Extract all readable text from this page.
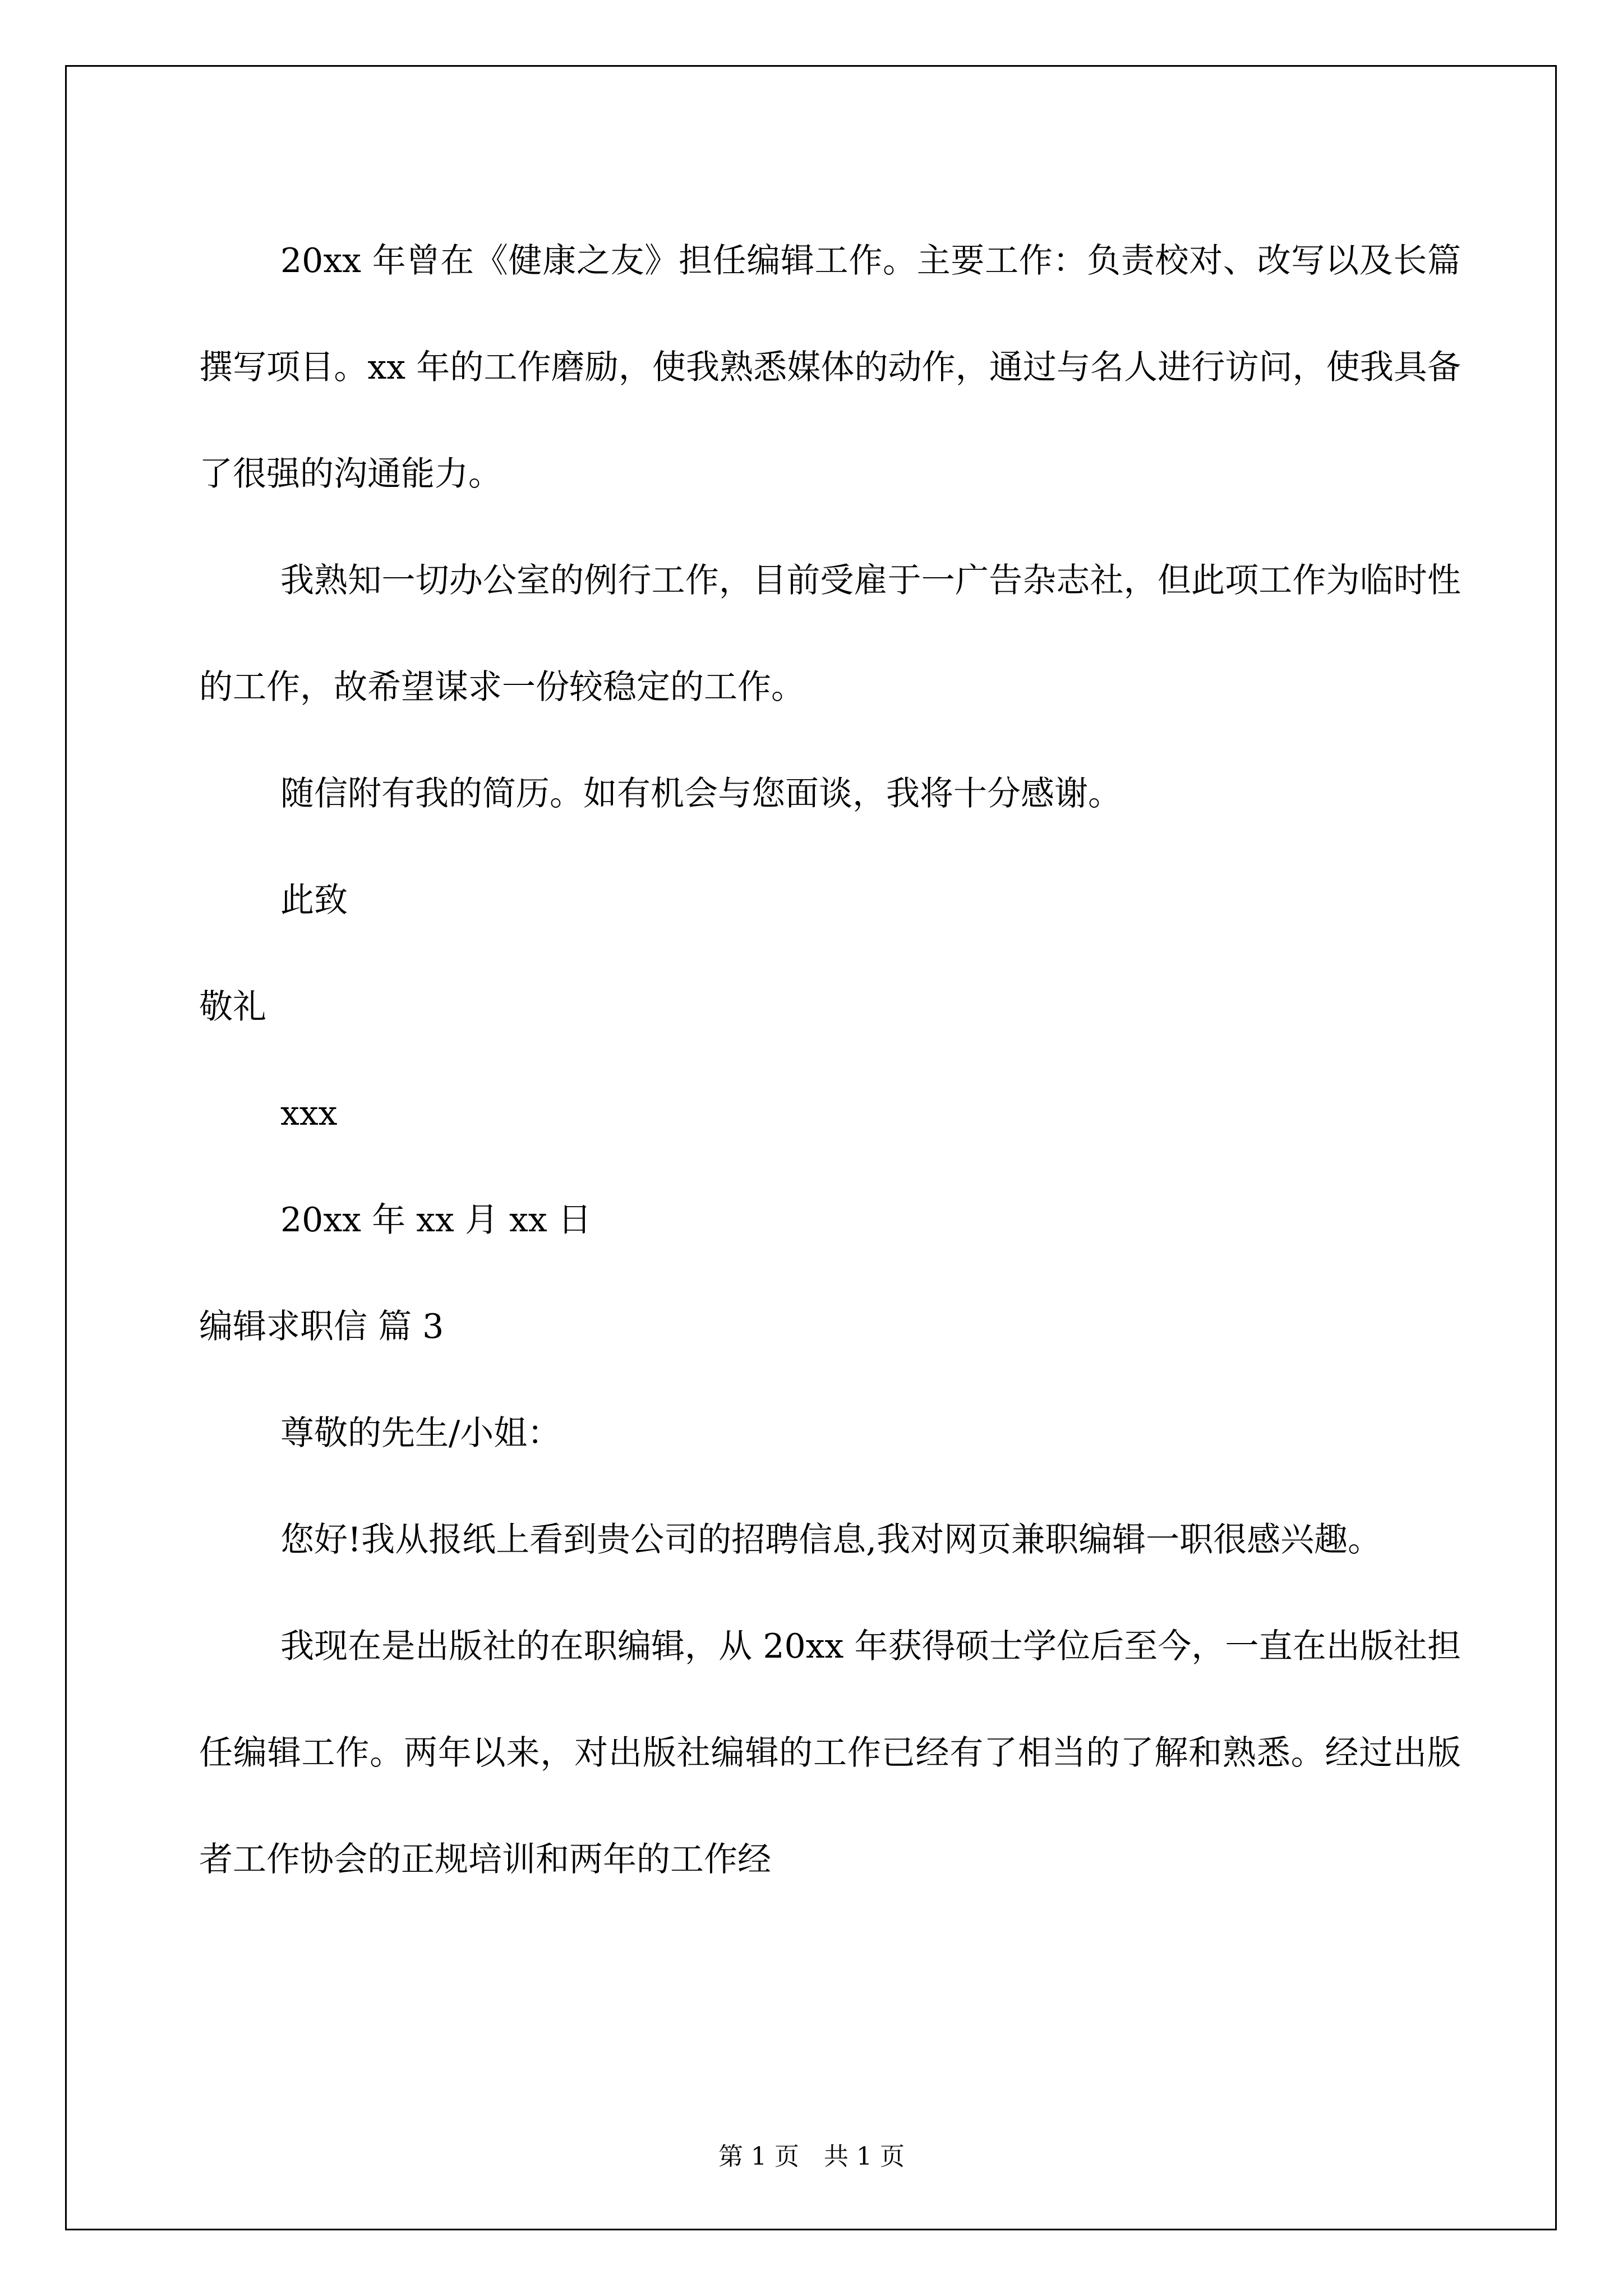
20xx 年曾在《健康之友》担任编辑工作。主要工作：负责校对、改写以及长篇撰写项目。xx 年的工作磨励，使我熟悉媒体的动作，通过与名人进行访问，使我具备了很强的沟通能力。

我熟知一切办公室的例行工作，目前受雇于一广告杂志社，但此项工作为临时性的工作，故希望谋求一份较稳定的工作。

随信附有我的简历。如有机会与您面谈，我将十分感谢。

此致

敬礼

xxx

20xx 年 xx 月 xx 日

编辑求职信 篇 3

尊敬的先生/小姐：

您好!我从报纸上看到贵公司的招聘信息,我对网页兼职编辑一职很感兴趣。

我现在是出版社的在职编辑，从 20xx 年获得硕士学位后至今，一直在出版社担任编辑工作。两年以来，对出版社编辑的工作已经有了相当的了解和熟悉。经过出版者工作协会的正规培训和两年的工作经

第 1 页　共 1 页
